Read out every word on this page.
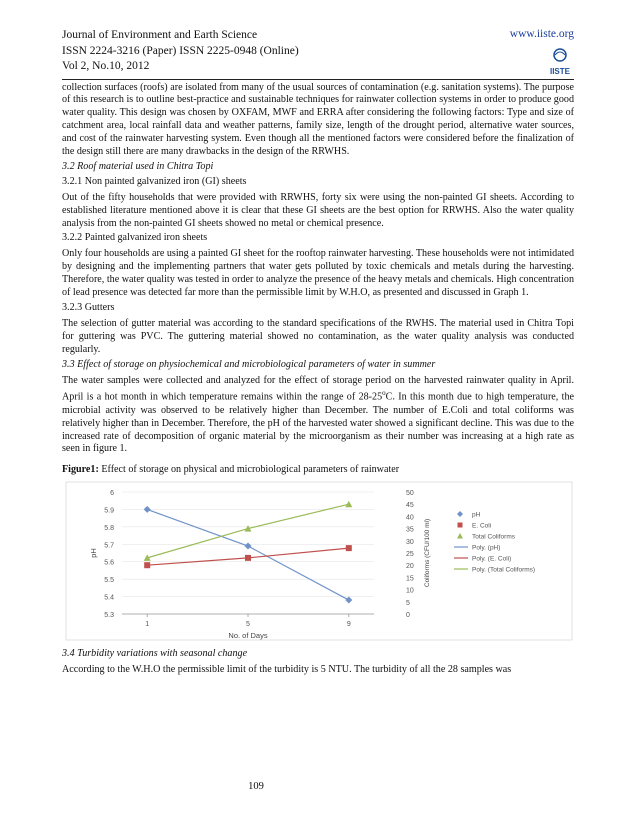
Journal of Environment and Earth Science
ISSN 2224-3216 (Paper) ISSN 2225-0948 (Online)
Vol 2, No.10, 2012
www.iiste.org
IISTE

collection surfaces (roofs) are isolated from many of the usual sources of contamination (e.g. sanitation systems). The purpose of this research is to outline best-practice and sustainable techniques for rainwater collection systems in order to produce good water quality. This design was chosen by OXFAM, MWF and ERRA after considering the following factors: Type and size of catchment area, local rainfall data and weather patterns, family size, length of the drought period, alternative water sources, and cost of the rainwater harvesting system. Even though all the mentioned factors were considered before the finalization of the design still there are many drawbacks in the design of the RRWHS.

3.2 Roof material used in Chitra Topi
3.2.1 Non painted galvanized iron (GI) sheets

Out of the fifty households that were provided with RRWHS, forty six were using the non-painted GI sheets. According to established literature mentioned above it is clear that these GI sheets are the best option for RRWHS. Also the water quality analysis from the non-painted GI sheets showed no metal or chemical presence.

3.2.2 Painted galvanized iron sheets

Only four households are using a painted GI sheet for the rooftop rainwater harvesting. These households were not intimidated by designing and the implementing partners that water gets polluted by toxic chemicals and metals during the harvesting. Therefore, the water quality was tested in order to analyze the presence of the heavy metals and chemicals. High concentration of lead presence was detected far more than the permissible limit by W.H.O, as presented and discussed in Graph 1.

3.2.3 Gutters

The selection of gutter material was according to the standard specifications of the RWHS. The material used in Chitra Topi for guttering was PVC. The guttering material showed no contamination, as the water quality analysis was conducted regularly.

3.3 Effect of storage on physiochemical and microbiological parameters of water in summer

The water samples were collected and analyzed for the effect of storage period on the harvested rainwater quality in April. April is a hot month in which temperature remains within the range of 28-25$^o$C. In this month due to high temperature, the microbial activity was observed to be relatively higher than December. The number of E.Coli and total coliforms was relatively higher than in December. Therefore, the pH of the harvested water showed a significant decline. This was due to the increased rate of decomposition of organic material by the microorganism as their number was increasing at a high rate as seen in figure 1.

Figure1: Effect of storage on physical and microbiological parameters of rainwater
6
5.9
5.8
5.7
5.6
5.5
5.4
5.3
50
45
40
35
30
25
20
15
10
5
0
1	5	9
No. of Days
pH	Coliforms (CFU/100 ml)
pH
E. Coli
Total Coliforms
Poly. (pH)
Poly. (E. Coli)
Poly. (Total Coliforms)
3.4 Turbidity variations with seasonal change

According to the W.H.O the permissible limit of the turbidity is 5 NTU. The turbidity of all the 28 samples was

109
